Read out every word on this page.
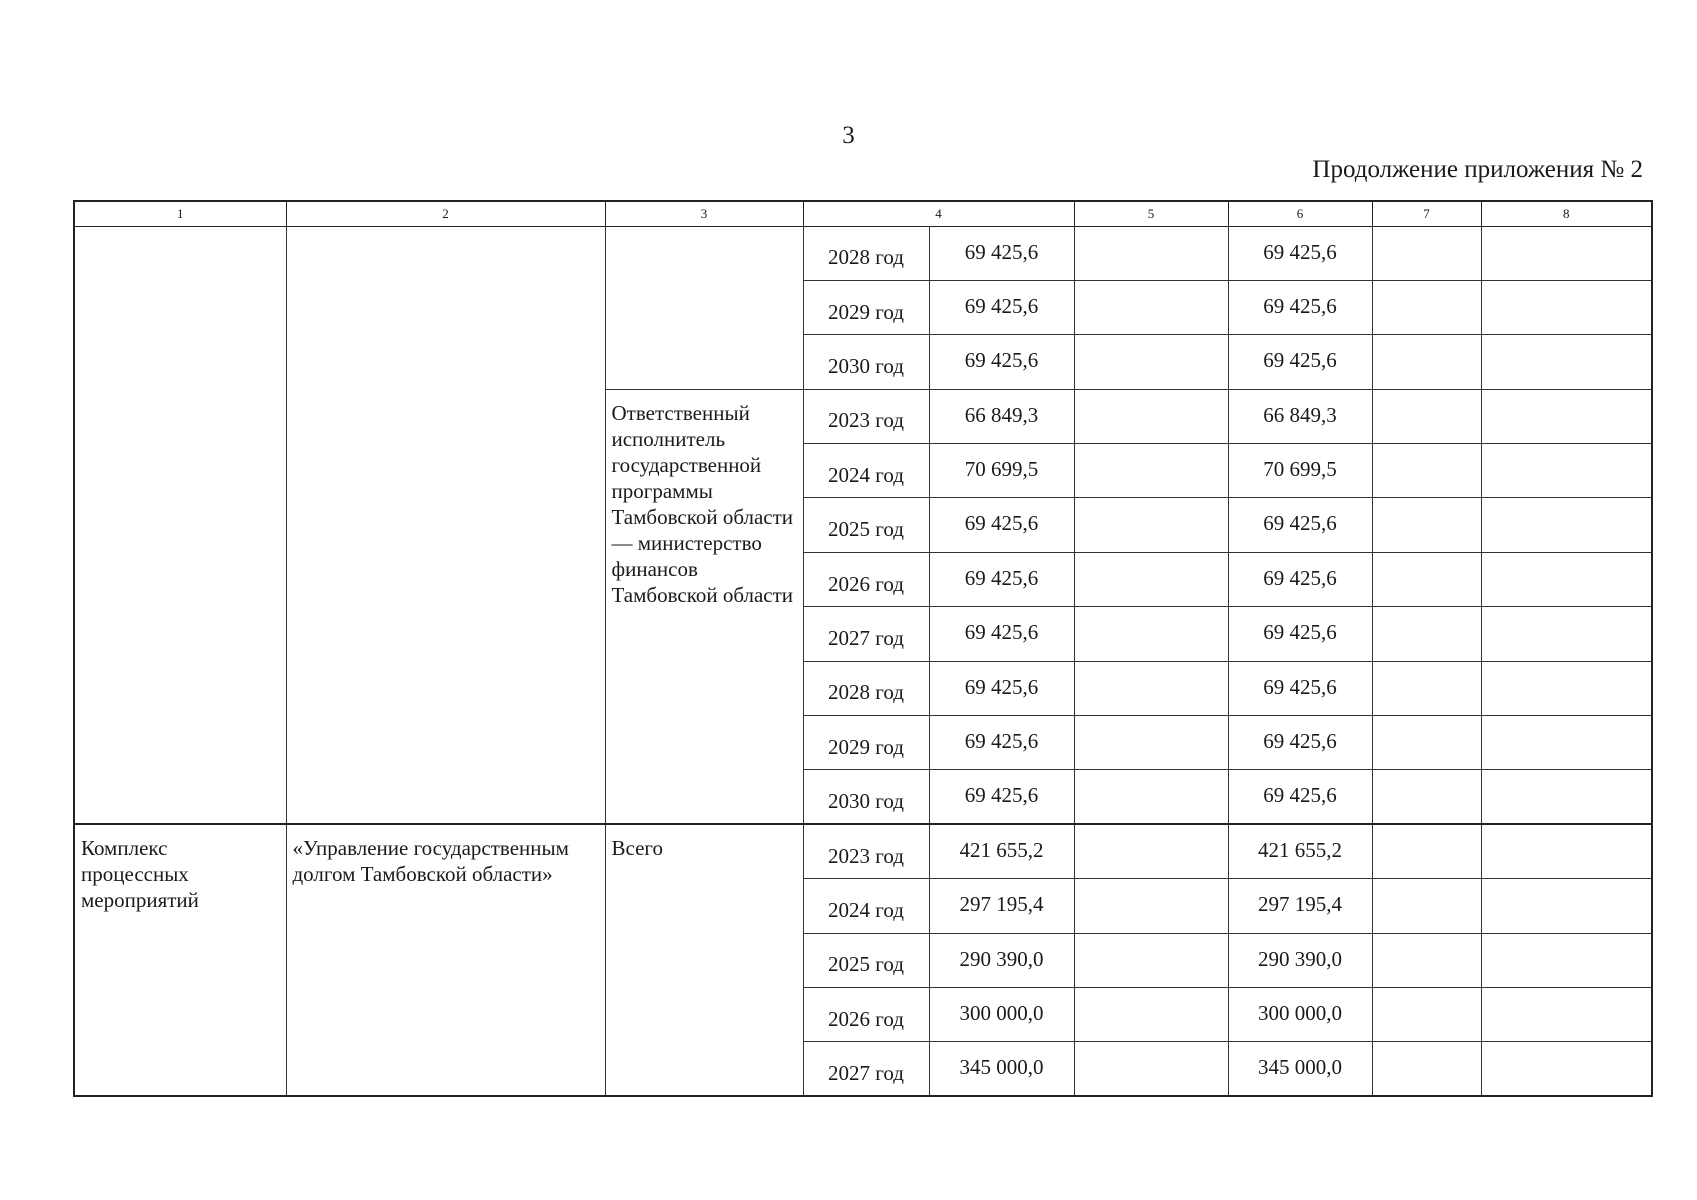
3
Продолжение приложения № 2
1	2	3	4		5	6	7	8
			2028 год	69 425,6		69 425,6		
			2029 год	69 425,6		69 425,6		
			2030 год	69 425,6		69 425,6		
		Ответственный исполнитель государственной программы Тамбовской области — министерство финансов Тамбовской области	2023 год	66 849,3		66 849,3		
			2024 год	70 699,5		70 699,5		
			2025 год	69 425,6		69 425,6		
			2026 год	69 425,6		69 425,6		
			2027 год	69 425,6		69 425,6		
			2028 год	69 425,6		69 425,6		
			2029 год	69 425,6		69 425,6		
			2030 год	69 425,6		69 425,6		
Комплекс процессных мероприятий	«Управление государственным долгом Тамбовской области»	Всего	2023 год	421 655,2		421 655,2		
			2024 год	297 195,4		297 195,4		
			2025 год	290 390,0		290 390,0		
			2026 год	300 000,0		300 000,0		
			2027 год	345 000,0		345 000,0		
